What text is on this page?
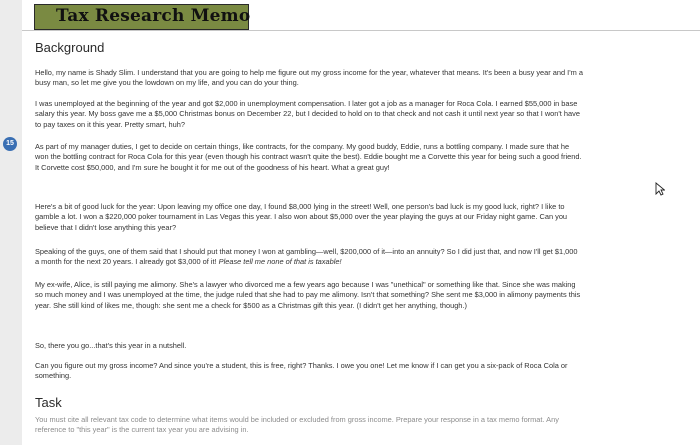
15
Tax Research Memo
Background

Hello, my name is Shady Slim. I understand that you are going to help me figure out my gross income for the year, whatever that means. It's been a busy year and I'm a busy man, so let me give you the lowdown on my life, and you can do your thing.

I was unemployed at the beginning of the year and got $2,000 in unemployment compensation. I later got a job as a manager for Roca Cola. I earned $55,000 in base salary this year. My boss gave me a $5,000 Christmas bonus on December 22, but I decided to hold on to that check and not cash it until next year so that I won't have to pay taxes on it this year. Pretty smart, huh?

As part of my manager duties, I get to decide on certain things, like contracts, for the company. My good buddy, Eddie, runs a bottling company. I made sure that he won the bottling contract for Roca Cola for this year (even though his contract wasn't quite the best). Eddie bought me a Corvette this year for being such a good friend. It Corvette cost $50,000, and I'm sure he bought it for me out of the goodness of his heart. What a great guy!

Here's a bit of good luck for the year: Upon leaving my office one day, I found $8,000 lying in the street! Well, one person's bad luck is my good luck, right? I like to gamble a lot. I won a $220,000 poker tournament in Las Vegas this year. I also won about $5,000 over the year playing the guys at our Friday night game. Can you believe that I didn't lose anything this year?

Speaking of the guys, one of them said that I should put that money I won at gambling—well, $200,000 of it—into an annuity? So I did just that, and now I'll get $1,000 a month for the next 20 years. I already got $3,000 of it! Please tell me none of that is taxable!

My ex-wife, Alice, is still paying me alimony. She's a lawyer who divorced me a few years ago because I was "unethical" or something like that. Since she was making so much money and I was unemployed at the time, the judge ruled that she had to pay me alimony. Isn't that something? She sent me $3,000 in alimony payments this year. She still kind of likes me, though: she sent me a check for $500 as a Christmas gift this year. (I didn't get her anything, though.)

So, there you go...that's this year in a nutshell.

Can you figure out my gross income? And since you're a student, this is free, right? Thanks. I owe you one! Let me know if I can get you a six-pack of Roca Cola or something.

Task

You must cite all relevant tax code to determine what items would be included or excluded from gross income. Prepare your response in a tax memo format. Any reference to "this year" is the current tax year you are advising in.
